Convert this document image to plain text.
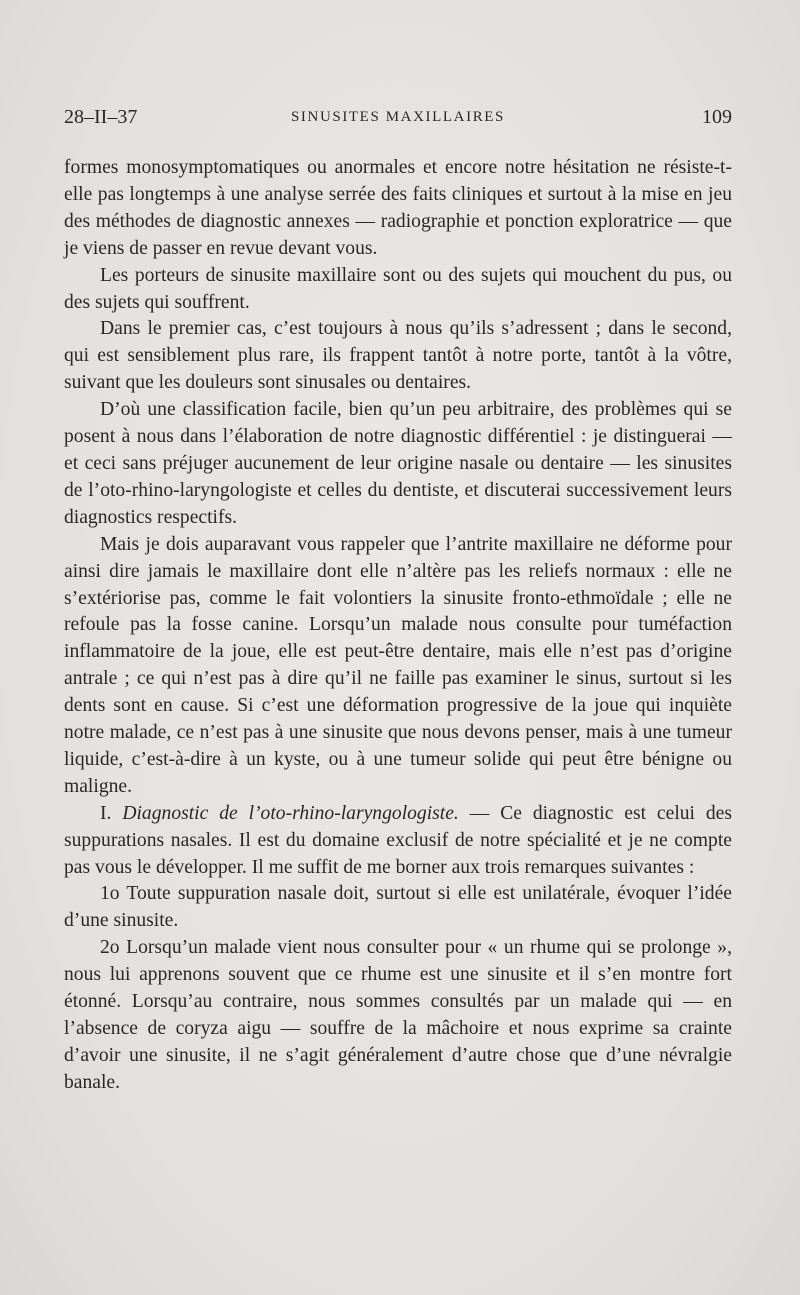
28–II–37	SINUSITES MAXILLAIRES	109

formes monosymptomatiques ou anormales et encore notre hésitation ne résiste-t-elle pas longtemps à une analyse serrée des faits cliniques et surtout à la mise en jeu des méthodes de diagnostic annexes — radiographie et ponction exploratrice — que je viens de passer en revue devant vous.

Les porteurs de sinusite maxillaire sont ou des sujets qui mouchent du pus, ou des sujets qui souffrent.

Dans le premier cas, c’est toujours à nous qu’ils s’adressent ; dans le second, qui est sensiblement plus rare, ils frappent tantôt à notre porte, tantôt à la vôtre, suivant que les douleurs sont sinusales ou dentaires.

D’où une classification facile, bien qu’un peu arbitraire, des problèmes qui se posent à nous dans l’élaboration de notre diagnostic différentiel : je distinguerai — et ceci sans préjuger aucunement de leur origine nasale ou dentaire — les sinusites de l’oto-rhino-laryngologiste et celles du dentiste, et discuterai successivement leurs diagnostics respectifs.

Mais je dois auparavant vous rappeler que l’antrite maxillaire ne déforme pour ainsi dire jamais le maxillaire dont elle n’altère pas les reliefs normaux : elle ne s’extériorise pas, comme le fait volontiers la sinusite fronto-ethmoïdale ; elle ne refoule pas la fosse canine. Lorsqu’un malade nous consulte pour tuméfaction inflammatoire de la joue, elle est peut-être dentaire, mais elle n’est pas d’origine antrale ; ce qui n’est pas à dire qu’il ne faille pas examiner le sinus, surtout si les dents sont en cause. Si c’est une déformation progressive de la joue qui inquiète notre malade, ce n’est pas à une sinusite que nous devons penser, mais à une tumeur liquide, c’est-à-dire à un kyste, ou à une tumeur solide qui peut être bénigne ou maligne.

I. Diagnostic de l’oto-rhino-laryngologiste. — Ce diagnostic est celui des suppurations nasales. Il est du domaine exclusif de notre spécialité et je ne compte pas vous le développer. Il me suffit de me borner aux trois remarques suivantes :

1o Toute suppuration nasale doit, surtout si elle est unilatérale, évoquer l’idée d’une sinusite.

2o Lorsqu’un malade vient nous consulter pour « un rhume qui se prolonge », nous lui apprenons souvent que ce rhume est une sinusite et il s’en montre fort étonné. Lorsqu’au contraire, nous sommes consultés par un malade qui — en l’absence de coryza aigu — souffre de la mâchoire et nous exprime sa crainte d’avoir une sinusite, il ne s’agit généralement d’autre chose que d’une névralgie banale.
